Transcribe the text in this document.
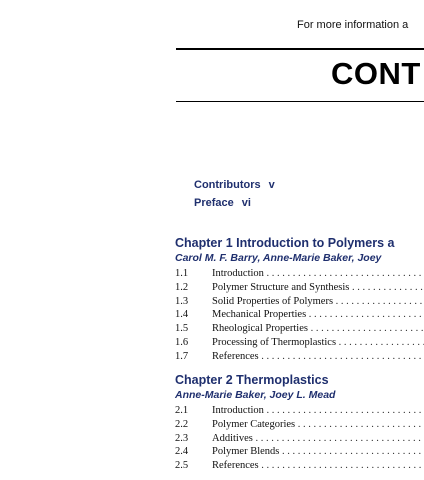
For more information a
CONT
Contributors v
Preface vi
Chapter 1 Introduction to Polymers a
Carol M. F. Barry, Anne-Marie Baker, Joey
1.1	Introduction . . .
1.2	Polymer Structure and Synthesis . . .
1.3	Solid Properties of Polymers . . .
1.4	Mechanical Properties . . .
1.5	Rheological Properties . . .
1.6	Processing of Thermoplastics . . .
1.7	References . . .
Chapter 2 Thermoplastics
Anne-Marie Baker, Joey L. Mead
2.1	Introduction . . .
2.2	Polymer Categories . . .
2.3	Additives . . .
2.4	Polymer Blends . . .
2.5	References . . .
